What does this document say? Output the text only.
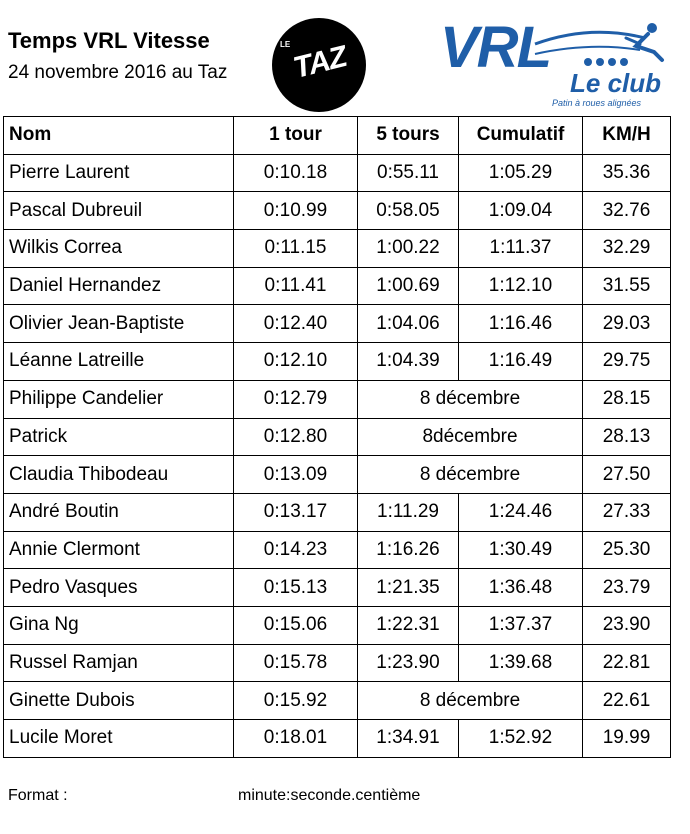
Temps VRL Vitesse
24 novembre 2016 au Taz
LE TAZ VRL
Le club
Patin à roues alignées
Nom	1 tour	5 tours	Cumulatif	KM/H
Pierre Laurent	0:10.18	0:55.11	1:05.29	35.36
Pascal Dubreuil	0:10.99	0:58.05	1:09.04	32.76
Wilkis Correa	0:11.15	1:00.22	1:11.37	32.29
Daniel Hernandez	0:11.41	1:00.69	1:12.10	31.55
Olivier Jean-Baptiste	0:12.40	1:04.06	1:16.46	29.03
Léanne Latreille	0:12.10	1:04.39	1:16.49	29.75
Philippe Candelier	0:12.79	8 décembre		28.15
Patrick	0:12.80	8décembre		28.13
Claudia Thibodeau	0:13.09	8 décembre		27.50
André Boutin	0:13.17	1:11.29	1:24.46	27.33
Annie Clermont	0:14.23	1:16.26	1:30.49	25.30
Pedro Vasques	0:15.13	1:21.35	1:36.48	23.79
Gina Ng	0:15.06	1:22.31	1:37.37	23.90
Russel Ramjan	0:15.78	1:23.90	1:39.68	22.81
Ginette Dubois	0:15.92	8 décembre		22.61
Lucile Moret	0:18.01	1:34.91	1:52.92	19.99
Format :	minute:seconde.centième
